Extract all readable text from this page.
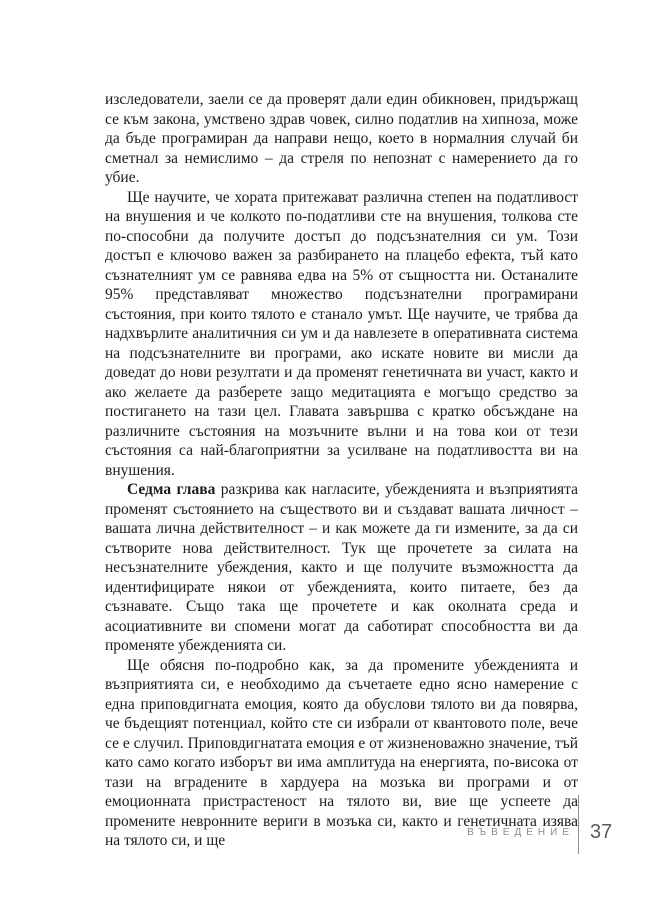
изследователи, заели се да проверят дали един обикновен, придържащ се към закона, умствено здрав човек, силно податлив на хипноза, може да бъде програмиран да направи нещо, което в нормалния случай би сметнал за немислимо – да стреля по непознат с намерението да го убие.

Ще научите, че хората притежават различна степен на податливост на внушения и че колкото по-податливи сте на внушения, толкова сте по-способни да получите достъп до подсъзнателния си ум. Този достъп е ключово важен за разбирането на плацебо ефекта, тъй като съзнателният ум се равнява едва на 5% от същността ни. Останалите 95% представляват множество подсъзнателни програмирани състояния, при които тялото е станало умът. Ще научите, че трябва да надхвърлите аналитичния си ум и да навлезете в оперативната система на подсъзнателните ви програми, ако искате новите ви мисли да доведат до нови резултати и да променят генетичната ви участ, както и ако желаете да разберете защо медитацията е могъщо средство за постигането на тази цел. Главата завършва с кратко обсъждане на различните състояния на мозъчните вълни и на това кои от тези състояния са най-благоприятни за усилване на податливостта ви на внушения.

Седма глава разкрива как нагласите, убежденията и възприятията променят състоянието на съществото ви и създават вашата личност – вашата лична действителност – и как можете да ги измените, за да си сътворите нова действителност. Тук ще прочетете за силата на несъзнателните убеждения, както и ще получите възможността да идентифицирате някои от убежденията, които питаете, без да съзнавате. Също така ще прочетете и как околната среда и асоциативните ви спомени могат да саботират способността ви да променяте убежденията си.

Ще обясня по-подробно как, за да промените убежденията и възприятията си, е необходимо да съчетаете едно ясно намерение с една приповдигната емоция, която да обуслови тялото ви да повярва, че бъдещият потенциал, който сте си избрали от квантовото поле, вече се е случил. Приповдигнатата емоция е от жизненоважно значение, тъй като само когато изборът ви има амплитуда на енергията, по-висока от тази на вградените в хардуера на мозъка ви програми и от емоционната пристрастеност на тялото ви, вие ще успеете да промените невронните вериги в мозъка си, както и генетичната изява на тялото си, и ще	ВЪВЕДЕНИЕ 37
